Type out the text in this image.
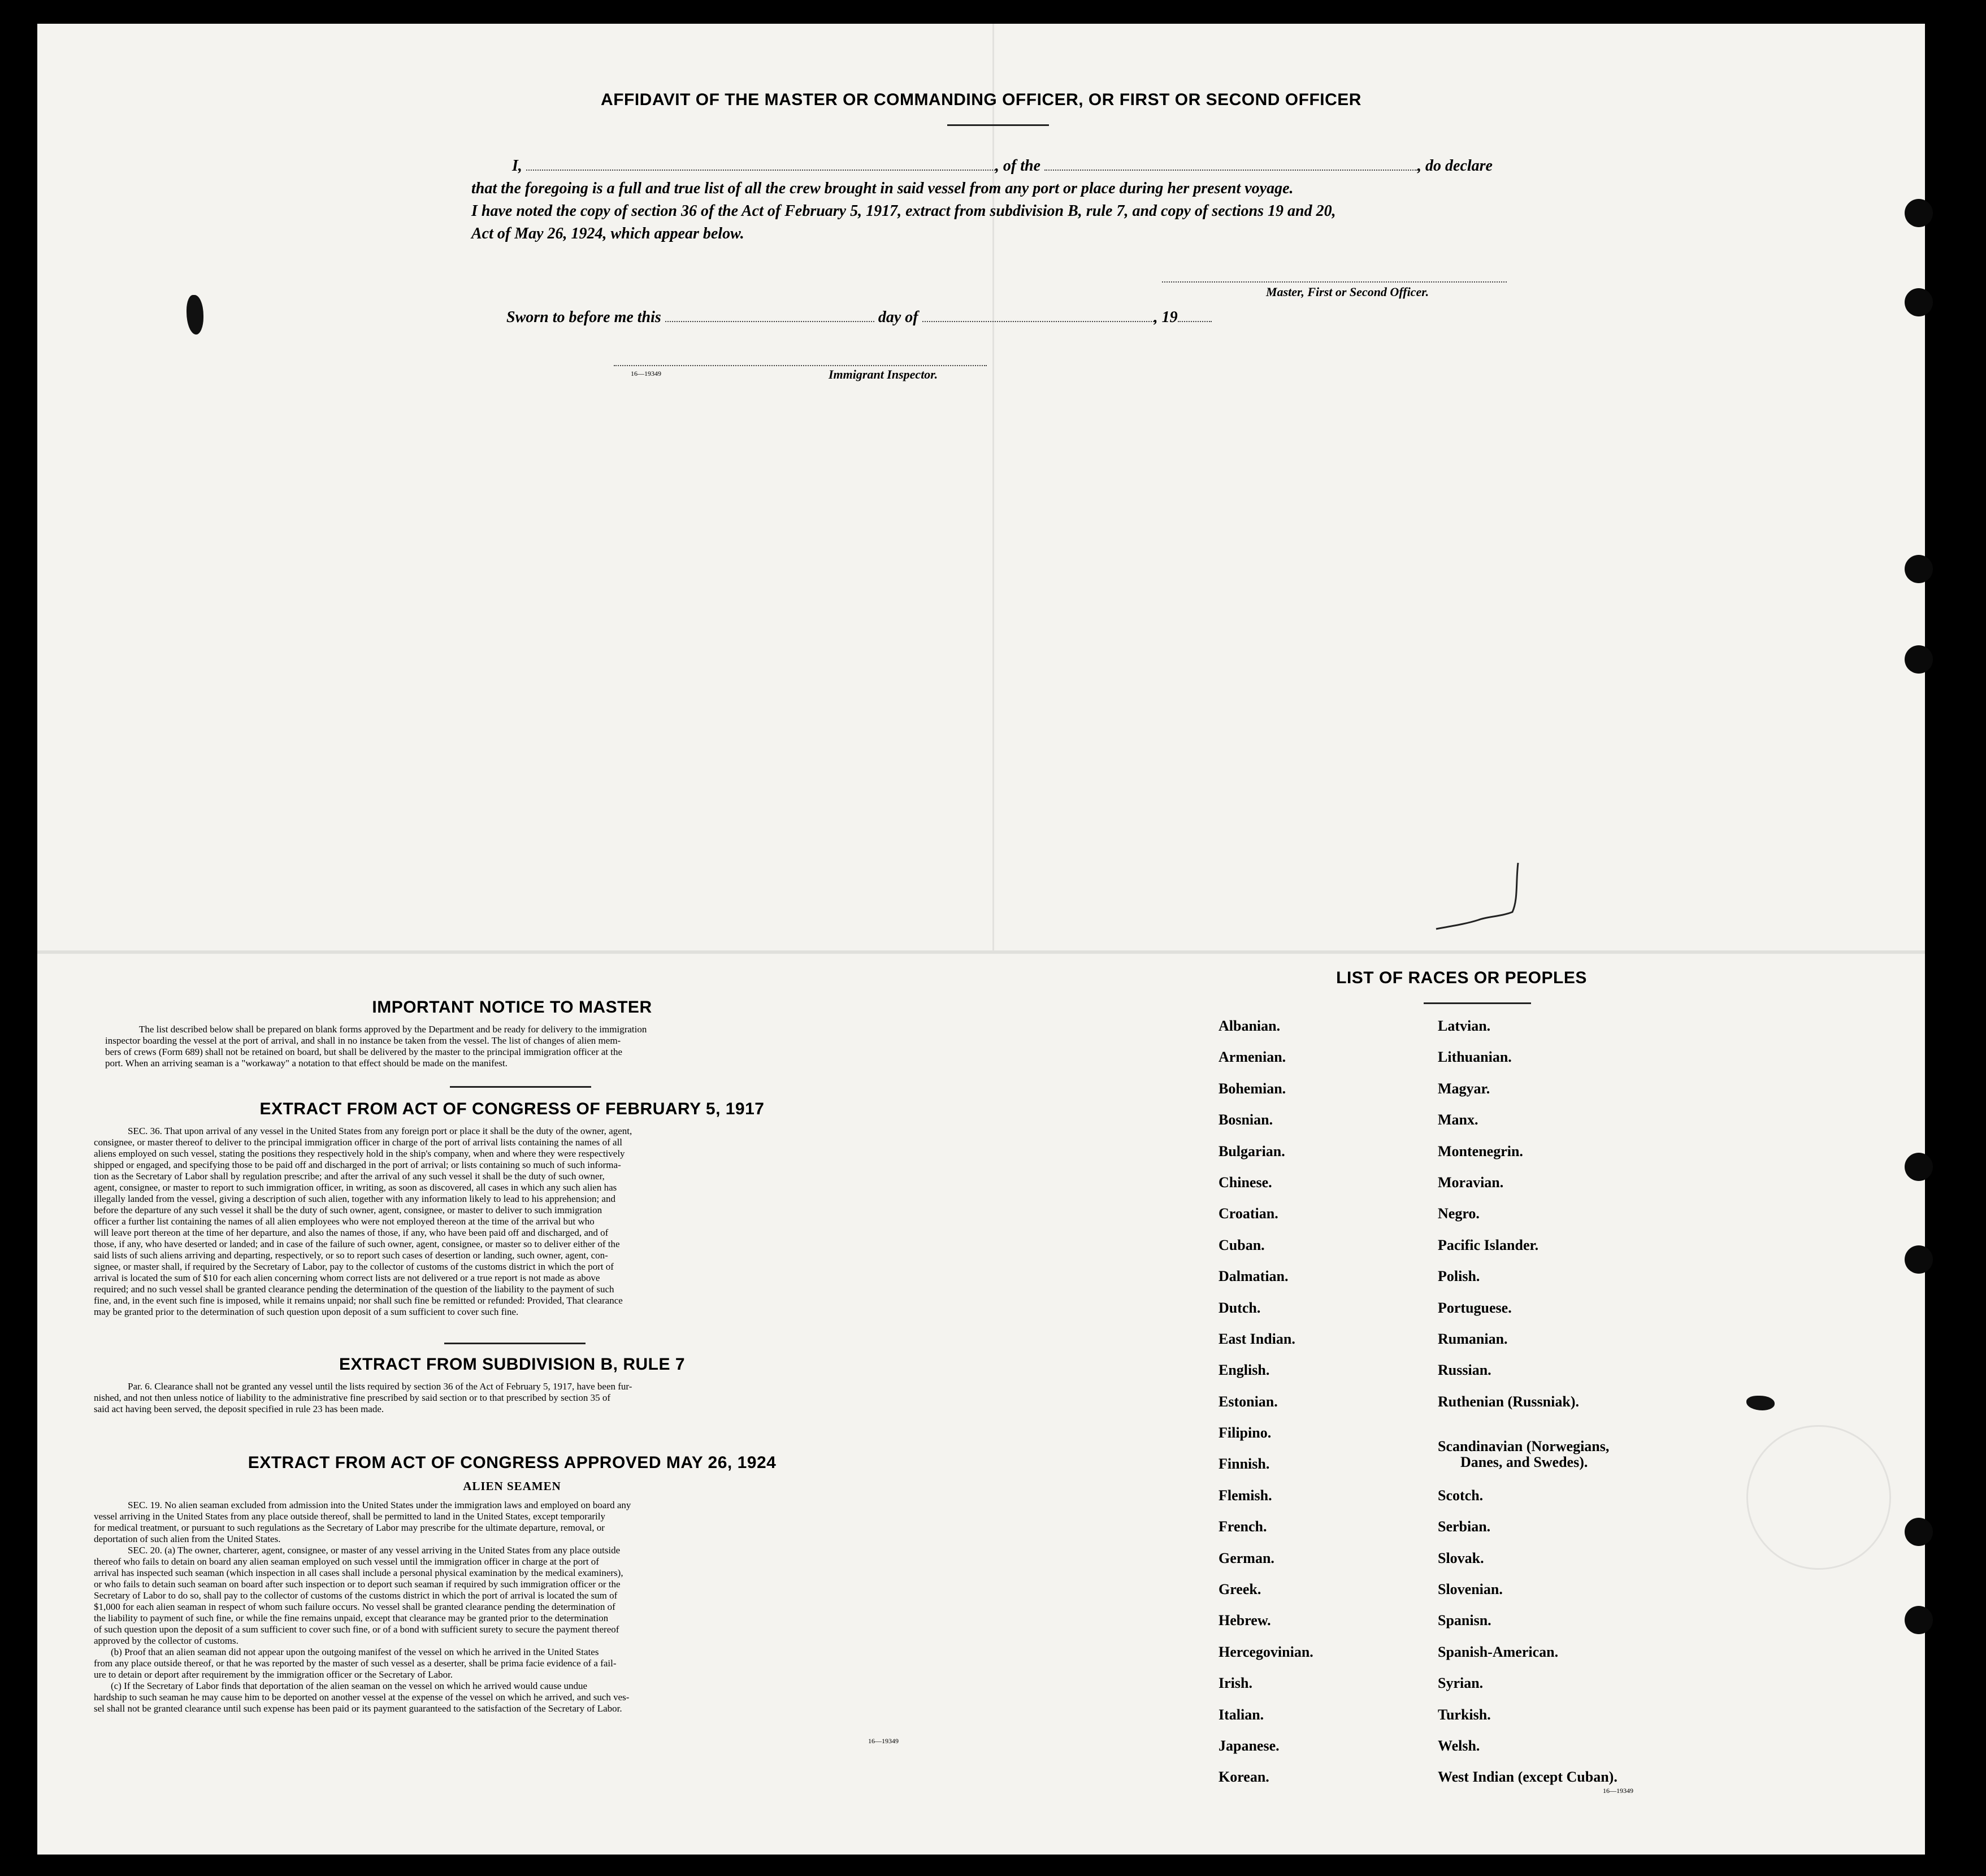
AFFIDAVIT OF THE MASTER OR COMMANDING OFFICER, OR FIRST OR SECOND OFFICER
I,	, of the	, do declare
that the foregoing is a full and true list of all the crew brought in said vessel from any port or place during her present voyage.
I have noted the copy of section 36 of the Act of February 5, 1917, extract from subdivision B, rule 7, and copy of sections 19 and 20,
Act of May 26, 1924, which appear below.
Master, First or Second Officer.
Sworn to before me this	day of	, 19
16—19349	Immigrant Inspector.
IMPORTANT NOTICE TO MASTER
The list described below shall be prepared on blank forms approved by the Department and be ready for delivery to the immigration
inspector boarding the vessel at the port of arrival, and shall in no instance be taken from the vessel. The list of changes of alien mem-
bers of crews (Form 689) shall not be retained on board, but shall be delivered by the master to the principal immigration officer at the
port. When an arriving seaman is a "workaway" a notation to that effect should be made on the manifest.
EXTRACT FROM ACT OF CONGRESS OF FEBRUARY 5, 1917
SEC. 36. That upon arrival of any vessel in the United States from any foreign port or place it shall be the duty of the owner, agent,
consignee, or master thereof to deliver to the principal immigration officer in charge of the port of arrival lists containing the names of all
aliens employed on such vessel, stating the positions they respectively hold in the ship's company, when and where they were respectively
shipped or engaged, and specifying those to be paid off and discharged in the port of arrival; or lists containing so much of such informa-
tion as the Secretary of Labor shall by regulation prescribe; and after the arrival of any such vessel it shall be the duty of such owner,
agent, consignee, or master to report to such immigration officer, in writing, as soon as discovered, all cases in which any such alien has
illegally landed from the vessel, giving a description of such alien, together with any information likely to lead to his apprehension; and
before the departure of any such vessel it shall be the duty of such owner, agent, consignee, or master to deliver to such immigration
officer a further list containing the names of all alien employees who were not employed thereon at the time of the arrival but who
will leave port thereon at the time of her departure, and also the names of those, if any, who have been paid off and discharged, and of
those, if any, who have deserted or landed; and in case of the failure of such owner, agent, consignee, or master so to deliver either of the
said lists of such aliens arriving and departing, respectively, or so to report such cases of desertion or landing, such owner, agent, con-
signee, or master shall, if required by the Secretary of Labor, pay to the collector of customs of the customs district in which the port of
arrival is located the sum of $10 for each alien concerning whom correct lists are not delivered or a true report is not made as above
required; and no such vessel shall be granted clearance pending the determination of the question of the liability to the payment of such
fine, and, in the event such fine is imposed, while it remains unpaid; nor shall such fine be remitted or refunded: Provided, That clearance
may be granted prior to the determination of such question upon deposit of a sum sufficient to cover such fine.
EXTRACT FROM SUBDIVISION B, RULE 7
Par. 6. Clearance shall not be granted any vessel until the lists required by section 36 of the Act of February 5, 1917, have been fur-
nished, and not then unless notice of liability to the administrative fine prescribed by said section or to that prescribed by section 35 of
said act having been served, the deposit specified in rule 23 has been made.
EXTRACT FROM ACT OF CONGRESS APPROVED MAY 26, 1924
ALIEN SEAMEN
SEC. 19. No alien seaman excluded from admission into the United States under the immigration laws and employed on board any
vessel arriving in the United States from any place outside thereof, shall be permitted to land in the United States, except temporarily
for medical treatment, or pursuant to such regulations as the Secretary of Labor may prescribe for the ultimate departure, removal, or
deportation of such alien from the United States.
SEC. 20. (a) The owner, charterer, agent, consignee, or master of any vessel arriving in the United States from any place outside
thereof who fails to detain on board any alien seaman employed on such vessel until the immigration officer in charge at the port of
arrival has inspected such seaman (which inspection in all cases shall include a personal physical examination by the medical examiners),
or who fails to detain such seaman on board after such inspection or to deport such seaman if required by such immigration officer or the
Secretary of Labor to do so, shall pay to the collector of customs of the customs district in which the port of arrival is located the sum of
$1,000 for each alien seaman in respect of whom such failure occurs. No vessel shall be granted clearance pending the determination of
the liability to payment of such fine, or while the fine remains unpaid, except that clearance may be granted prior to the determination
of such question upon the deposit of a sum sufficient to cover such fine, or of a bond with sufficient surety to secure the payment thereof
approved by the collector of customs.
(b) Proof that an alien seaman did not appear upon the outgoing manifest of the vessel on which he arrived in the United States
from any place outside thereof, or that he was reported by the master of such vessel as a deserter, shall be prima facie evidence of a fail-
ure to detain or deport after requirement by the immigration officer or the Secretary of Labor.
(c) If the Secretary of Labor finds that deportation of the alien seaman on the vessel on which he arrived would cause undue
hardship to such seaman he may cause him to be deported on another vessel at the expense of the vessel on which he arrived, and such ves-
sel shall not be granted clearance until such expense has been paid or its payment guaranteed to the satisfaction of the Secretary of Labor.
16—19349
LIST OF RACES OR PEOPLES
Albanian.
Armenian.
Bohemian.
Bosnian.
Bulgarian.
Chinese.
Croatian.
Cuban.
Dalmatian.
Dutch.
East Indian.
English.
Estonian.
Filipino.
Finnish.
Flemish.
French.
German.
Greek.
Hebrew.
Hercegovinian.
Irish.
Italian.
Japanese.
Korean.
Latvian.
Lithuanian.
Magyar.
Manx.
Montenegrin.
Moravian.
Negro.
Pacific Islander.
Polish.
Portuguese.
Rumanian.
Russian.
Ruthenian (Russniak).
Scandinavian (Norwegians,
Danes, and Swedes).
Scotch.
Serbian.
Slovak.
Slovenian.
Spanisn.
Spanish-American.
Syrian.
Turkish.
Welsh.
West Indian (except Cuban).
16—19349
